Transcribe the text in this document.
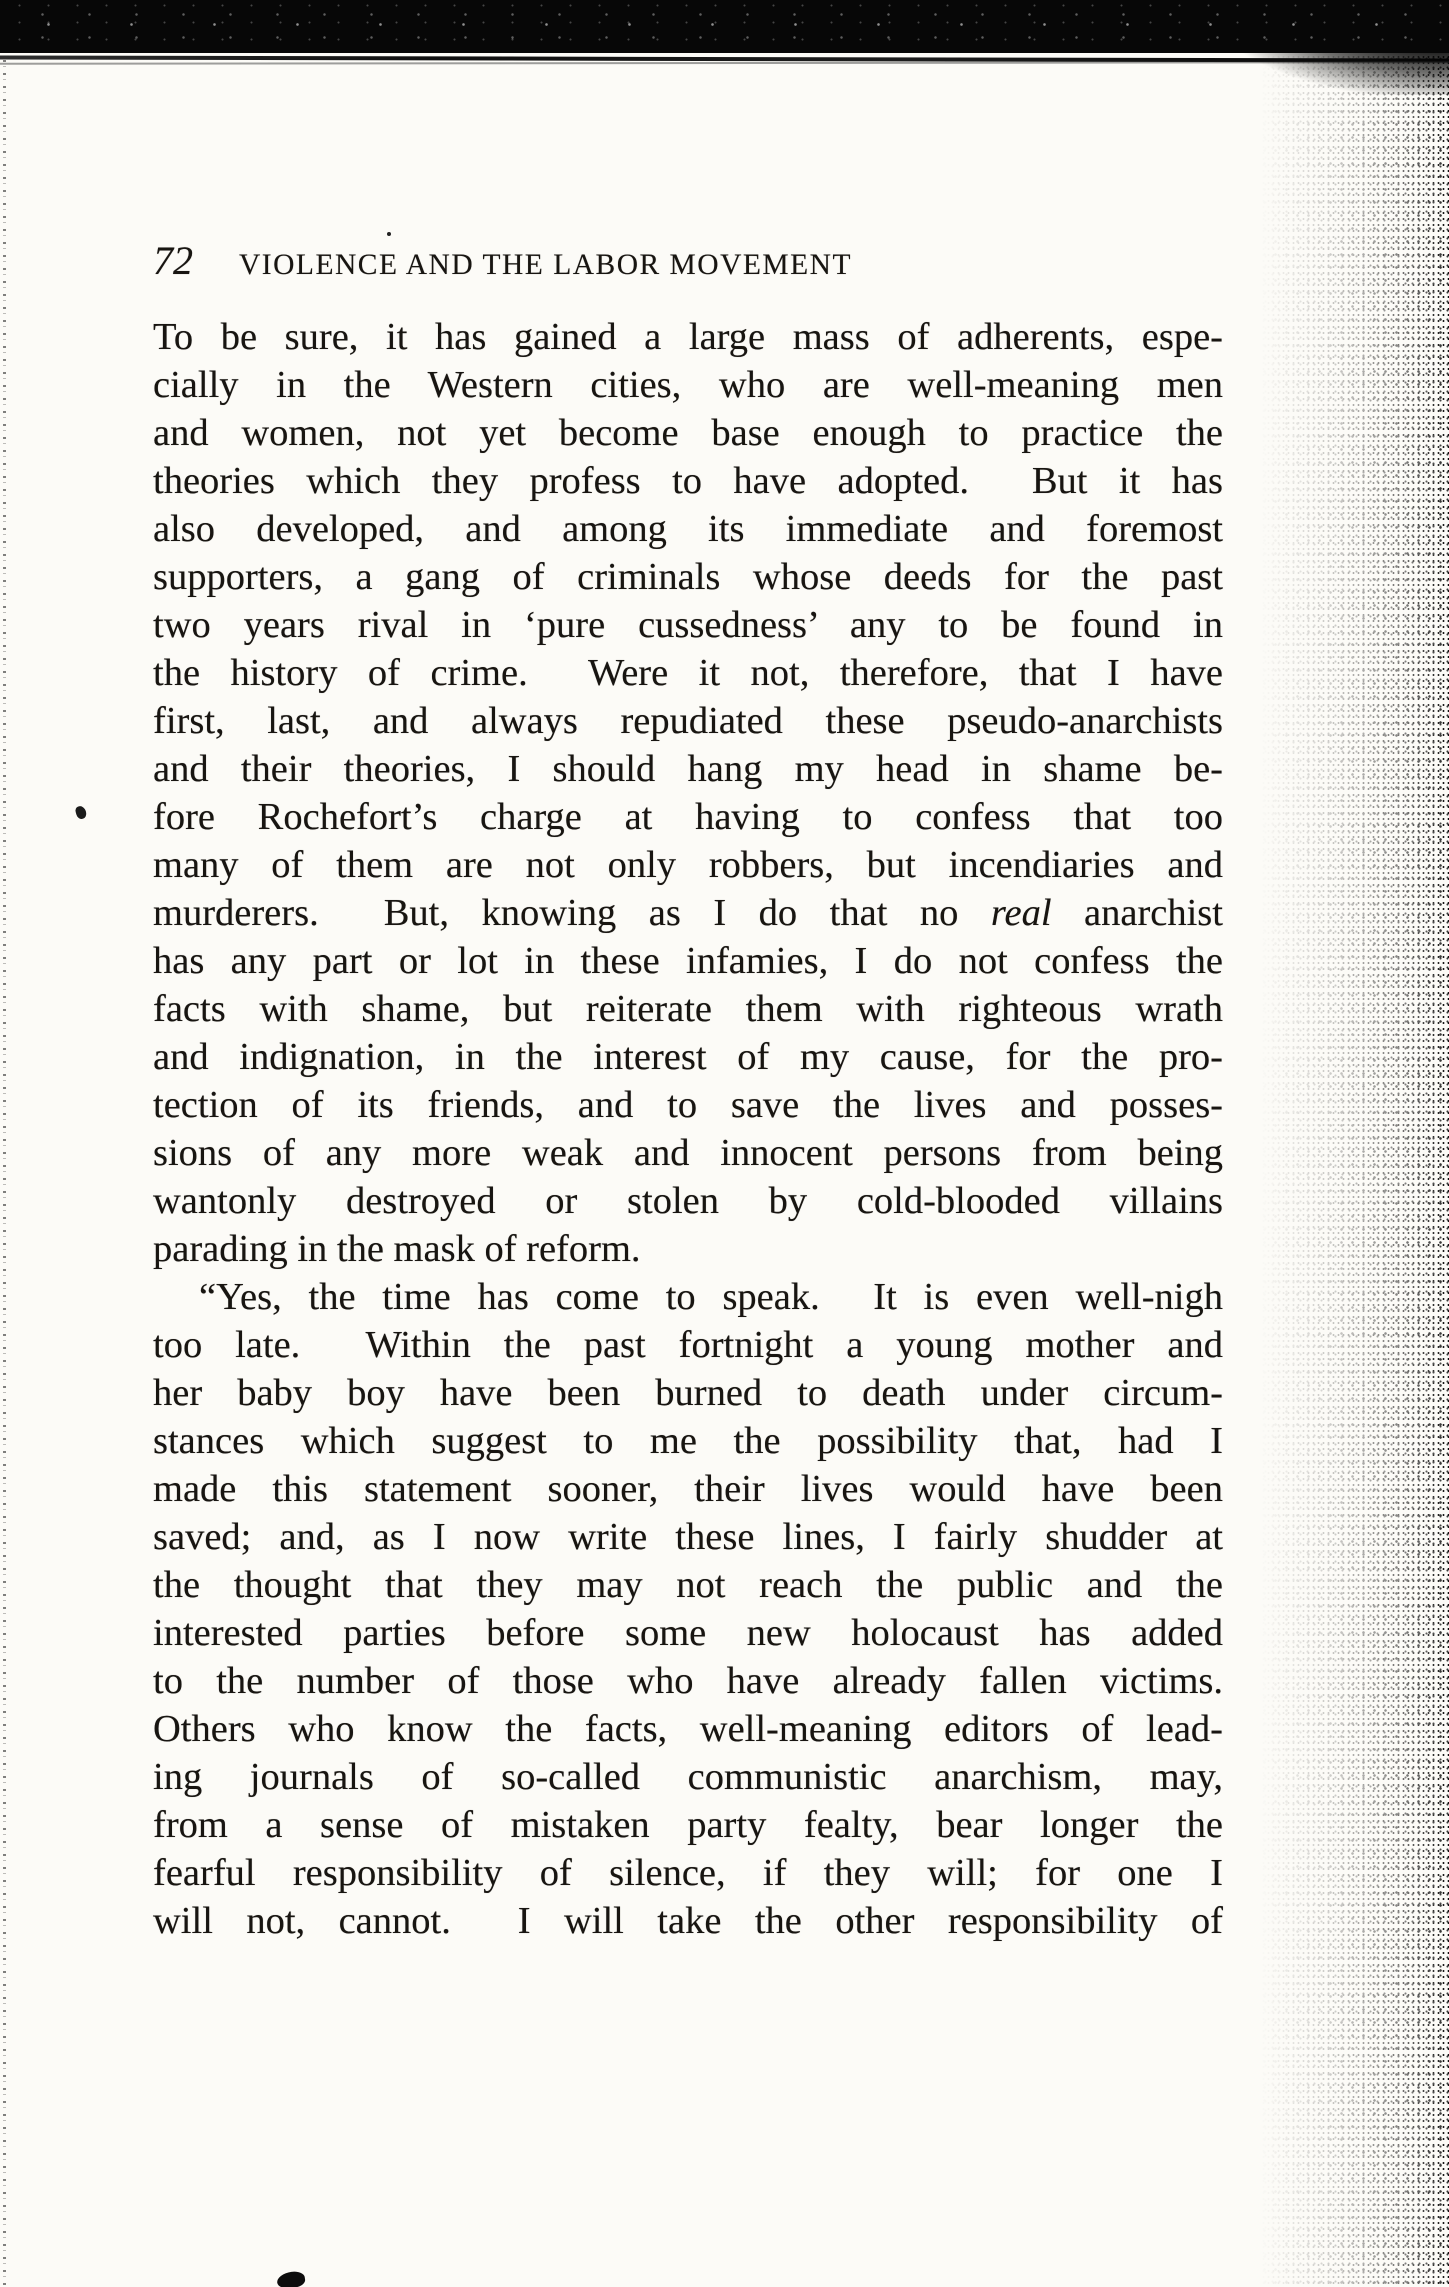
72 VIOLENCE AND THE LABOR MOVEMENT
To be sure, it has gained a large mass of adherents, espe-
cially in the Western cities, who are well-meaning men
and women, not yet become base enough to practice the
theories which they profess to have adopted.  But it has
also developed, and among its immediate and foremost
supporters, a gang of criminals whose deeds for the past
two years rival in ‘pure cussedness’ any to be found in
the history of crime.  Were it not, therefore, that I have
first, last, and always repudiated these pseudo-anarchists
and their theories, I should hang my head in shame be-
fore Rochefort’s charge at having to confess that too
many of them are not only robbers, but incendiaries and
murderers.  But, knowing as I do that no real anarchist
has any part or lot in these infamies, I do not confess the
facts with shame, but reiterate them with righteous wrath
and indignation, in the interest of my cause, for the pro-
tection of its friends, and to save the lives and posses-
sions of any more weak and innocent persons from being
wantonly destroyed or stolen by cold-blooded villains
parading in the mask of reform.
“Yes, the time has come to speak.  It is even well-nigh
too late.  Within the past fortnight a young mother and
her baby boy have been burned to death under circum-
stances which suggest to me the possibility that, had I
made this statement sooner, their lives would have been
saved; and, as I now write these lines, I fairly shudder at
the thought that they may not reach the public and the
interested parties before some new holocaust has added
to the number of those who have already fallen victims.
Others who know the facts, well-meaning editors of lead-
ing journals of so-called communistic anarchism, may,
from a sense of mistaken party fealty, bear longer the
fearful responsibility of silence, if they will; for one I
will not, cannot.  I will take the other responsibility of
